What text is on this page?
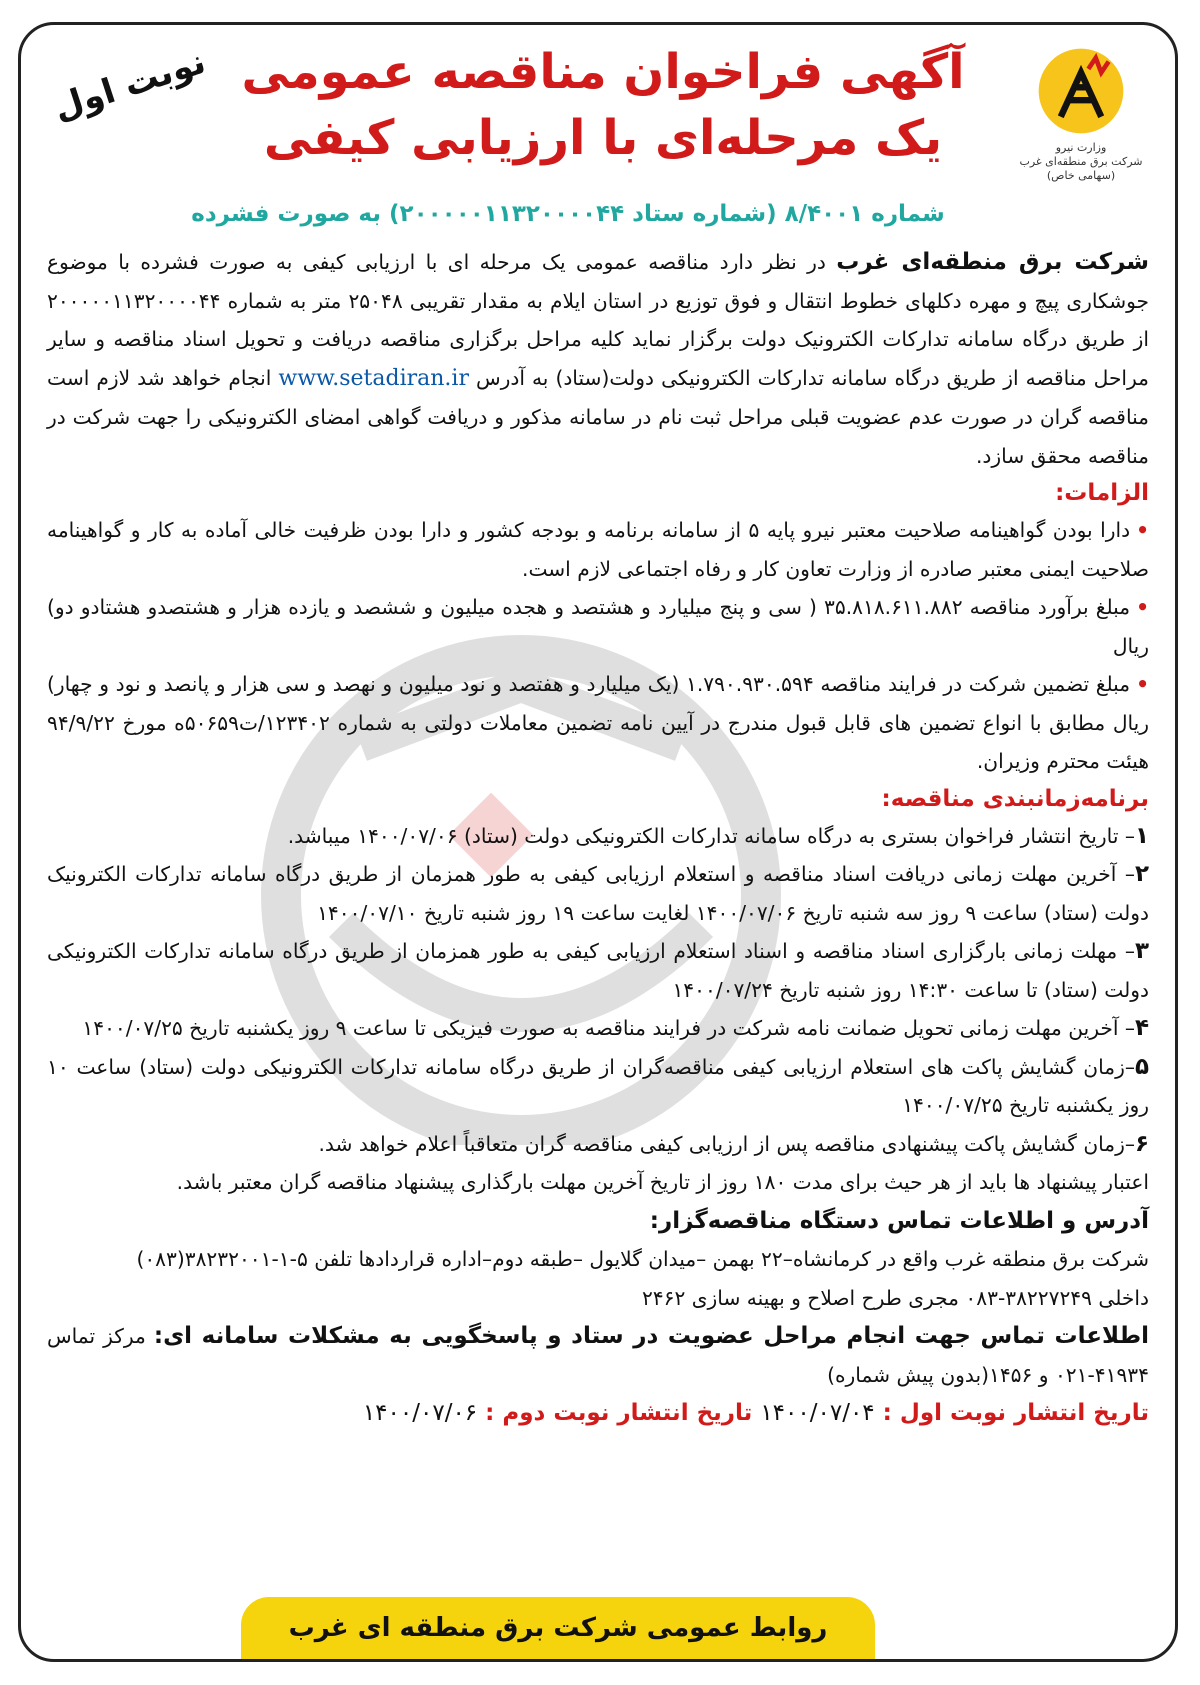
وزارت نیرو
شرکت برق منطقه‌ای غرب (سهامی خاص)
نوبت اول آگهی فراخوان مناقصه عمومی
یک مرحله‌ای با ارزیابی کیفی
شماره ۸/۴۰۰۱ (شماره ستاد ۲۰۰۰۰۰۱۱۳۲۰۰۰۰۴۴) به صورت فشرده

شرکت برق منطقه‌ای غرب در نظر دارد مناقصه عمومی یک مرحله ای با ارزیابی کیفی به صورت فشرده با موضوع جوشکاری پیچ و مهره دکلهای خطوط انتقال و فوق توزیع در استان ایلام به مقدار تقریبی ۲۵۰۴۸ متر به شماره ۲۰۰۰۰۰۱۱۳۲۰۰۰۰۴۴ از طریق درگاه سامانه تدارکات الکترونیک دولت برگزار نماید کلیه مراحل برگزاری مناقصه دریافت و تحویل اسناد مناقصه و سایر مراحل مناقصه از طریق درگاه سامانه تدارکات الکترونیکی دولت(ستاد) به آدرس www.setadiran.ir انجام خواهد شد لازم است مناقصه گران در صورت عدم عضویت قبلی مراحل ثبت نام در سامانه مذکور و دریافت گواهی امضای الکترونیکی را جهت شرکت در مناقصه محقق سازد.

الزامات:

• دارا بودن گواهینامه صلاحیت معتبر نیرو پایه ۵ از سامانه برنامه و بودجه کشور و دارا بودن ظرفیت خالی آماده به کار و گواهینامه صلاحیت ایمنی معتبر صادره از وزارت تعاون کار و رفاه اجتماعی لازم است.

• مبلغ برآورد مناقصه ۳۵.۸۱۸.۶۱۱.۸۸۲ ( سی و پنج میلیارد و هشتصد و هجده میلیون و ششصد و یازده هزار و هشتصدو هشتادو دو) ریال

• مبلغ تضمین شرکت در فرایند مناقصه ۱.۷۹۰.۹۳۰.۵۹۴ (یک میلیارد و هفتصد و نود میلیون و نهصد و سی هزار و پانصد و نود و چهار) ریال مطابق با انواع تضمین های قابل قبول مندرج در آیین نامه تضمین معاملات دولتی به شماره ۱۲۳۴۰۲/ت۵۰۶۵۹ه مورخ ۹۴/۹/۲۲ هیئت محترم وزیران.

برنامه‌زمانبندی مناقصه:

۱– تاریخ انتشار فراخوان بستری به درگاه سامانه تدارکات الکترونیکی دولت (ستاد) ۱۴۰۰/۰۷/۰۶ میباشد.

۲– آخرین مهلت زمانی دریافت اسناد مناقصه و استعلام ارزیابی کیفی به طور همزمان از طریق درگاه سامانه تدارکات الکترونیک دولت (ستاد) ساعت ۹ روز سه شنبه تاریخ ۱۴۰۰/۰۷/۰۶ لغایت ساعت ۱۹ روز شنبه تاریخ ۱۴۰۰/۰۷/۱۰

۳– مهلت زمانی بارگزاری اسناد مناقصه و اسناد استعلام ارزیابی کیفی به طور همزمان از طریق درگاه سامانه تدارکات الکترونیکی دولت (ستاد) تا ساعت ۱۴:۳۰ روز شنبه تاریخ ۱۴۰۰/۰۷/۲۴

۴– آخرین مهلت زمانی تحویل ضمانت نامه شرکت در فرایند مناقصه به صورت فیزیکی تا ساعت ۹ روز یکشنبه تاریخ ۱۴۰۰/۰۷/۲۵

۵–زمان گشایش پاکت های استعلام ارزیابی کیفی مناقصه‌گران از طریق درگاه سامانه تدارکات الکترونیکی دولت (ستاد) ساعت ۱۰ روز یکشنبه تاریخ ۱۴۰۰/۰۷/۲۵

۶–زمان گشایش پاکت پیشنهادی مناقصه پس از ارزیابی کیفی مناقصه گران متعاقباً اعلام خواهد شد.

اعتبار پیشنهاد ها باید از هر حیث برای مدت ۱۸۰ روز از تاریخ آخرین مهلت بارگذاری پیشنهاد مناقصه گران معتبر باشد.

آدرس و اطلاعات تماس دستگاه مناقصه‌گزار:

شرکت برق منطقه غرب واقع در کرمانشاه–۲۲ بهمن –میدان گلایول –طبقه دوم–اداره قراردادها تلفن ۵-۱-۳۸۲۳۲۰۰۱(۰۸۳)

داخلی ۳۸۲۲۷۲۴۹-۰۸۳ مجری طرح اصلاح و بهینه سازی ۲۴۶۲

اطلاعات تماس جهت انجام مراحل عضویت در ستاد و پاسخگویی به مشکلات سامانه ای: مرکز تماس ۴۱۹۳۴-۰۲۱ و ۱۴۵۶(بدون پیش شماره)

تاریخ انتشار نوبت اول : ۱۴۰۰/۰۷/۰۴ تاریخ انتشار نوبت دوم : ۱۴۰۰/۰۷/۰۶

روابط عمومی شرکت برق منطقه ای غرب
